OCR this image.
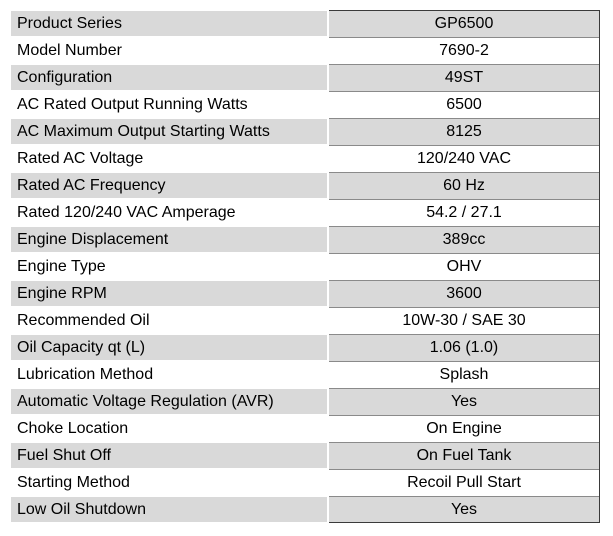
Product Series	GP6500
Model Number	7690-2
Configuration	49ST
AC Rated Output Running Watts	6500
AC Maximum Output Starting Watts	8125
Rated AC Voltage	120/240 VAC
Rated AC Frequency	60 Hz
Rated 120/240 VAC Amperage	54.2 / 27.1
Engine Displacement	389cc
Engine Type	OHV
Engine RPM	3600
Recommended Oil	10W-30 / SAE 30
Oil Capacity qt (L)	1.06 (1.0)
Lubrication Method	Splash
Automatic Voltage Regulation (AVR)	Yes
Choke Location	On Engine
Fuel Shut Off	On Fuel Tank
Starting Method	Recoil Pull Start
Low Oil Shutdown	Yes
